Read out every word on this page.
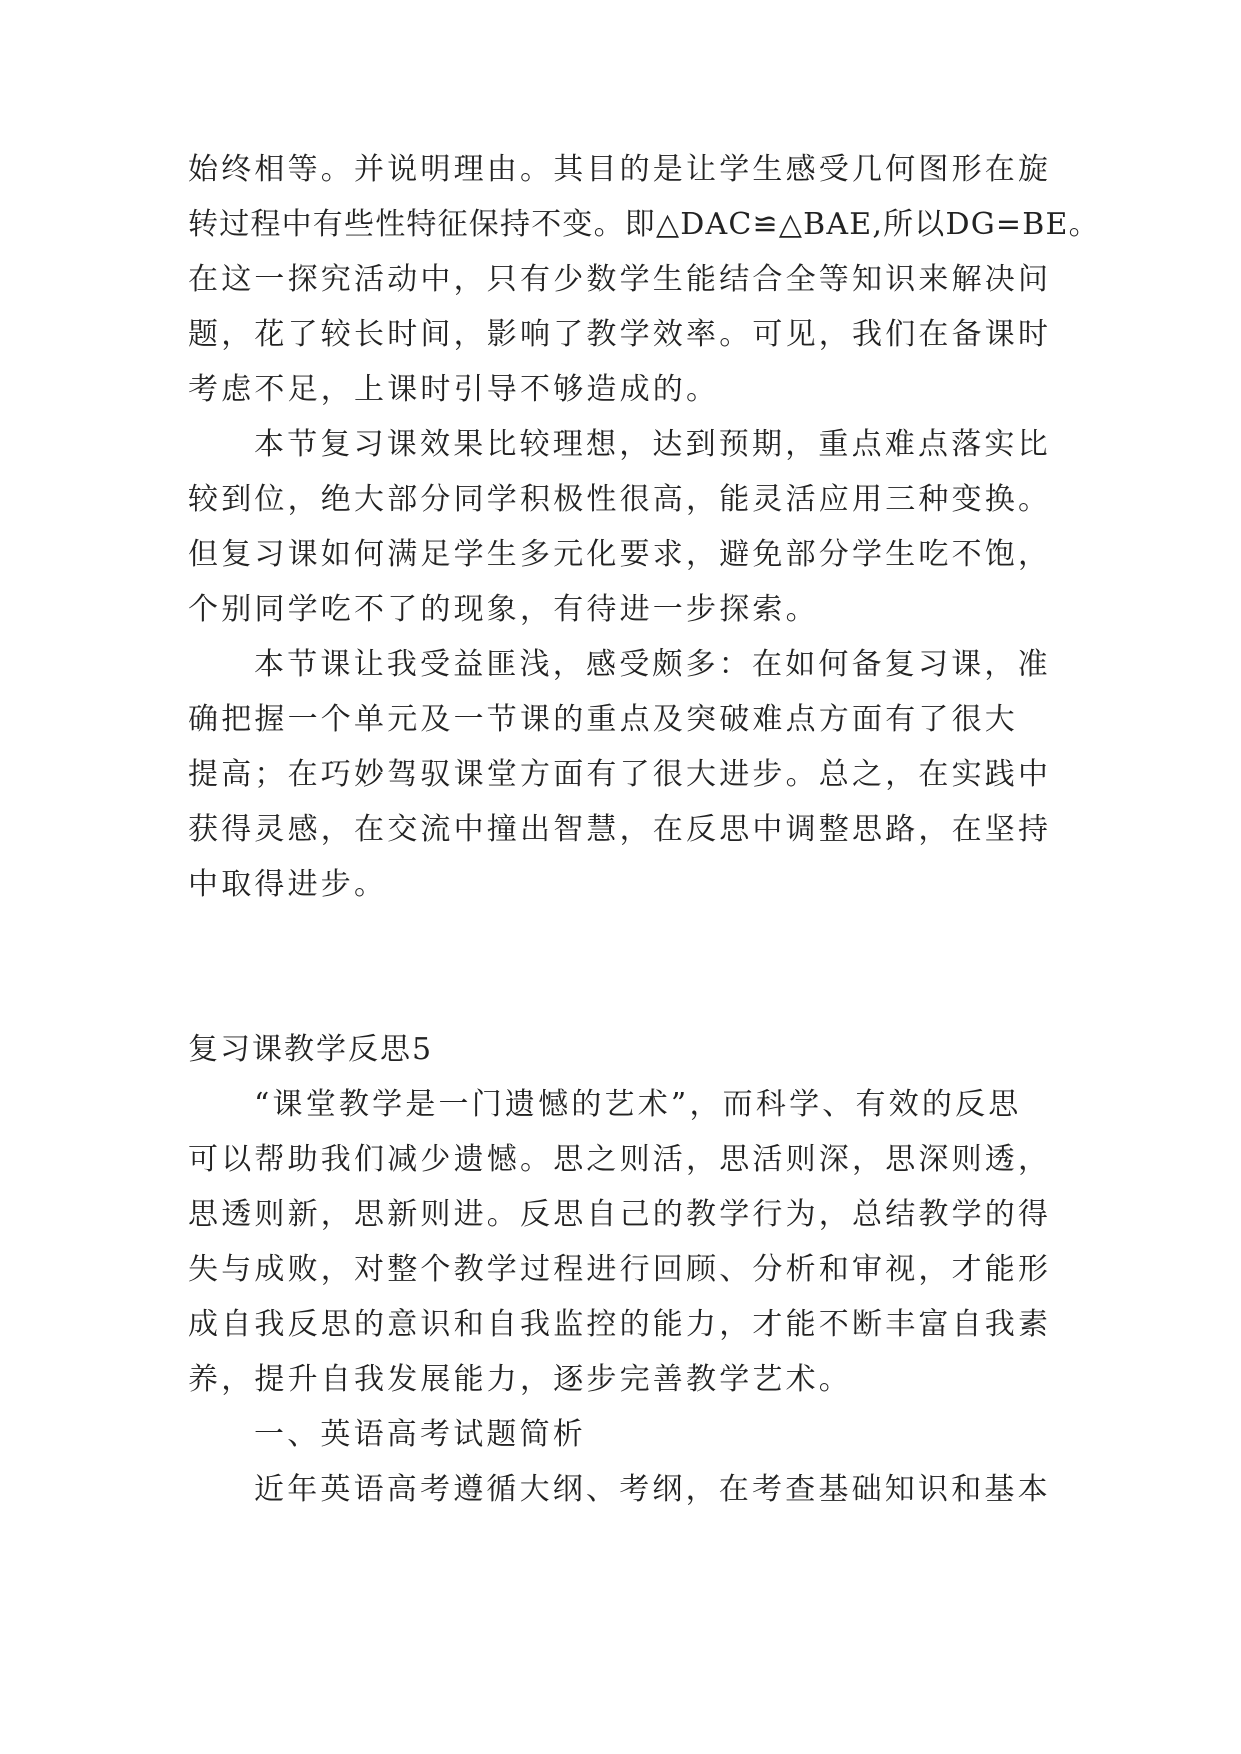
始终相等。并说明理由。其目的是让学生感受几何图形在旋
转过程中有些性特征保持不变。即△DAC≌△BAE,所以DG=BE。
在这一探究活动中，只有少数学生能结合全等知识来解决问
题，花了较长时间，影响了教学效率。可见，我们在备课时
考虑不足，上课时引导不够造成的。
本节复习课效果比较理想，达到预期，重点难点落实比
较到位，绝大部分同学积极性很高，能灵活应用三种变换。
但复习课如何满足学生多元化要求，避免部分学生吃不饱，
个别同学吃不了的现象，有待进一步探索。
本节课让我受益匪浅，感受颇多：在如何备复习课，准
确把握一个单元及一节课的重点及突破难点方面有了很大
提高；在巧妙驾驭课堂方面有了很大进步。总之，在实践中
获得灵感，在交流中撞出智慧，在反思中调整思路，在坚持
中取得进步。
复习课教学反思5
“课堂教学是一门遗憾的艺术”，而科学、有效的反思
可以帮助我们减少遗憾。思之则活，思活则深，思深则透，
思透则新，思新则进。反思自己的教学行为，总结教学的得
失与成败，对整个教学过程进行回顾、分析和审视，才能形
成自我反思的意识和自我监控的能力，才能不断丰富自我素
养，提升自我发展能力，逐步完善教学艺术。
一、英语高考试题简析
近年英语高考遵循大纲、考纲，在考查基础知识和基本
